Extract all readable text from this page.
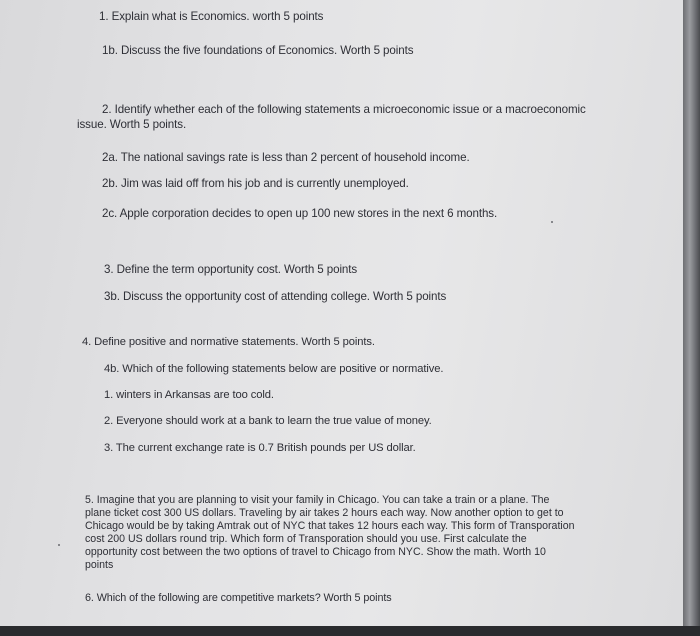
1. Explain what is Economics. worth 5 points
1b. Discuss the five foundations of Economics. Worth 5 points
2. Identify whether each of the following statements a microeconomic issue or a macroeconomic
issue. Worth 5 points.
2a. The national savings rate is less than 2 percent of household income.
2b. Jim was laid off from his job and is currently unemployed.
2c. Apple corporation decides to open up 100 new stores in the next 6 months.
3. Define the term opportunity cost. Worth 5 points
3b. Discuss the opportunity cost of attending college. Worth 5 points
4. Define positive and normative statements. Worth 5 points.
4b. Which of the following statements below are positive or normative.
1. winters in Arkansas are too cold.
2. Everyone should work at a bank to learn the true value of money.
3. The current exchange rate is 0.7 British pounds per US dollar.
5. Imagine that you are planning to visit your family in Chicago. You can take a train or a plane. The
plane ticket cost 300 US dollars. Traveling by air takes 2 hours each way. Now another option to get to
Chicago would be by taking Amtrak out of NYC that takes 12 hours each way. This form of Transporation
cost 200 US dollars round trip. Which form of Transporation should you use. First calculate the
opportunity cost between the two options of travel to Chicago from NYC. Show the math. Worth 10
points
6. Which of the following are competitive markets? Worth 5 points
